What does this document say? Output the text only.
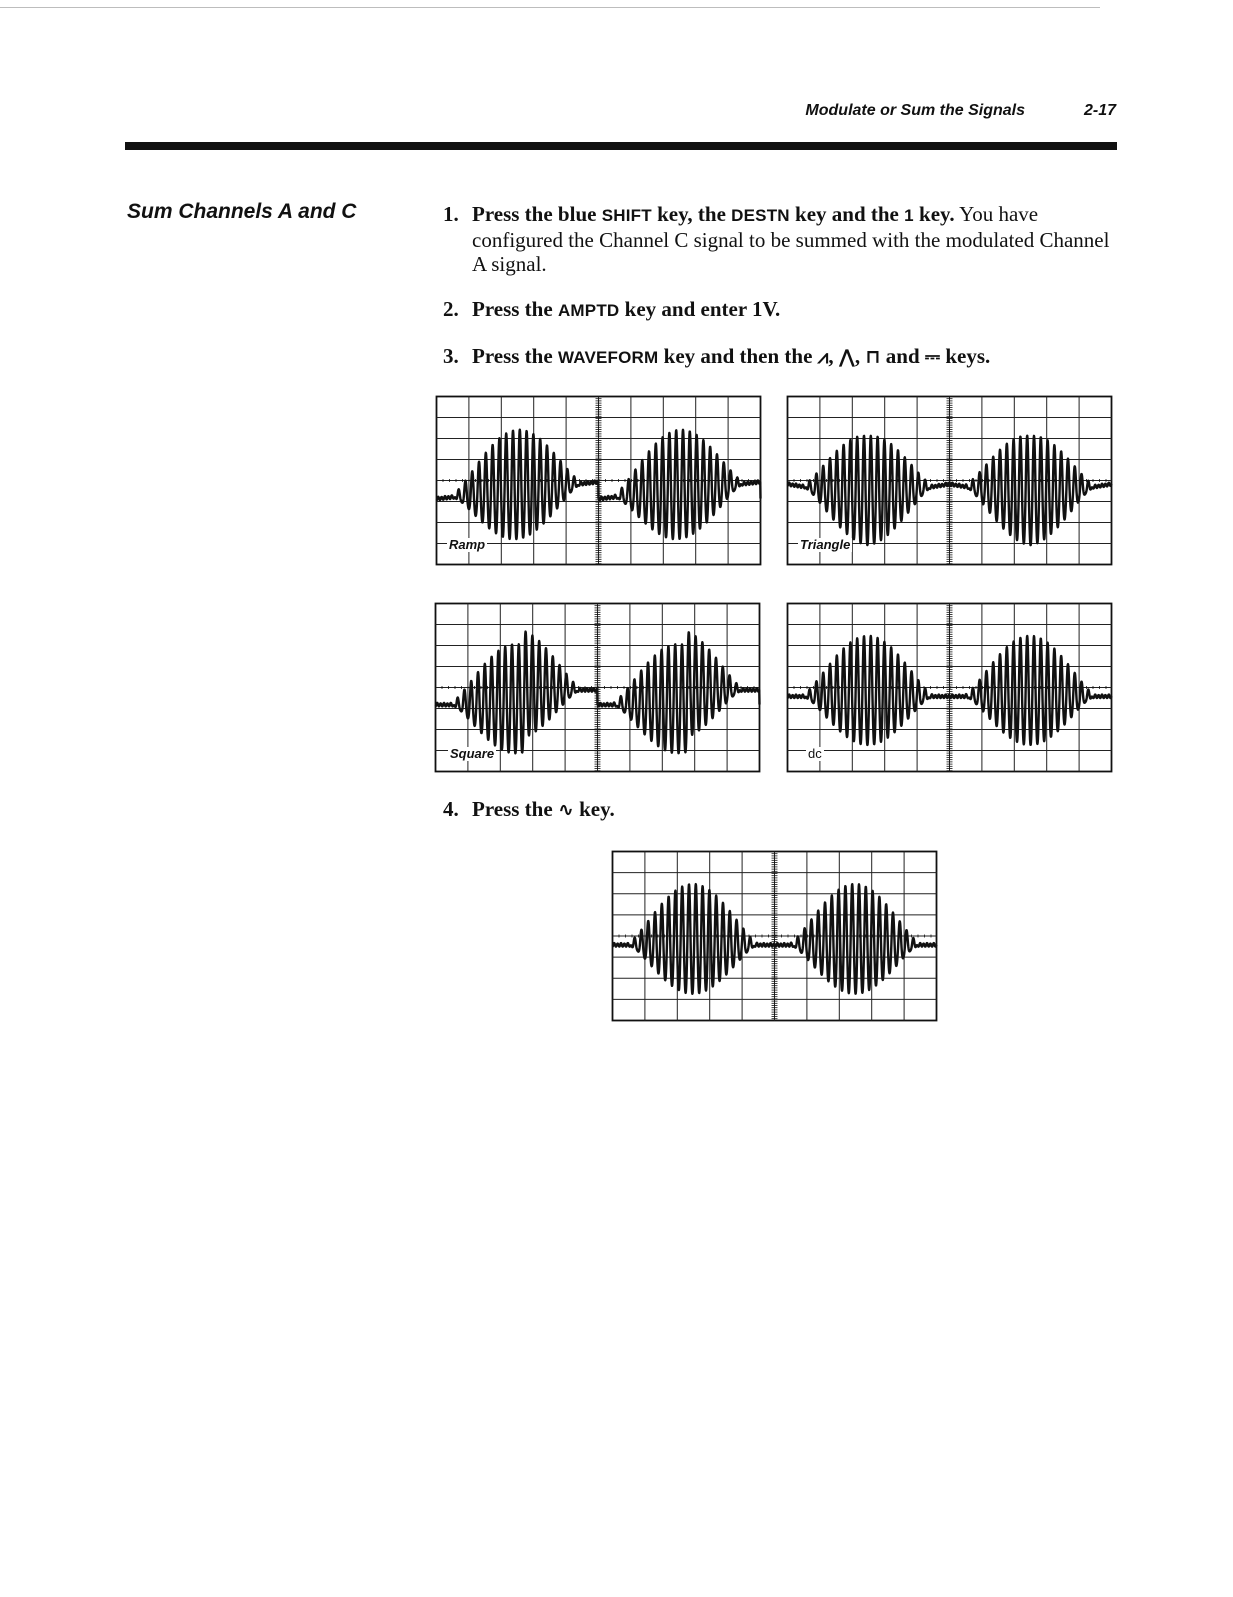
Modulate or Sum the Signals	2-17
Sum Channels A and C	1. Press the blue SHIFT key, the DESTN key and the 1 key. You have configured the Channel C signal to be summed with the modulated Channel A signal.
2. Press the AMPTD key and enter 1V.
3. Press the WAVEFORM key and then the ⩘, ⋀, ⊓ and ⎓ keys.
Ramp	Triangle
Square	dc
4. Press the ∿ key.
